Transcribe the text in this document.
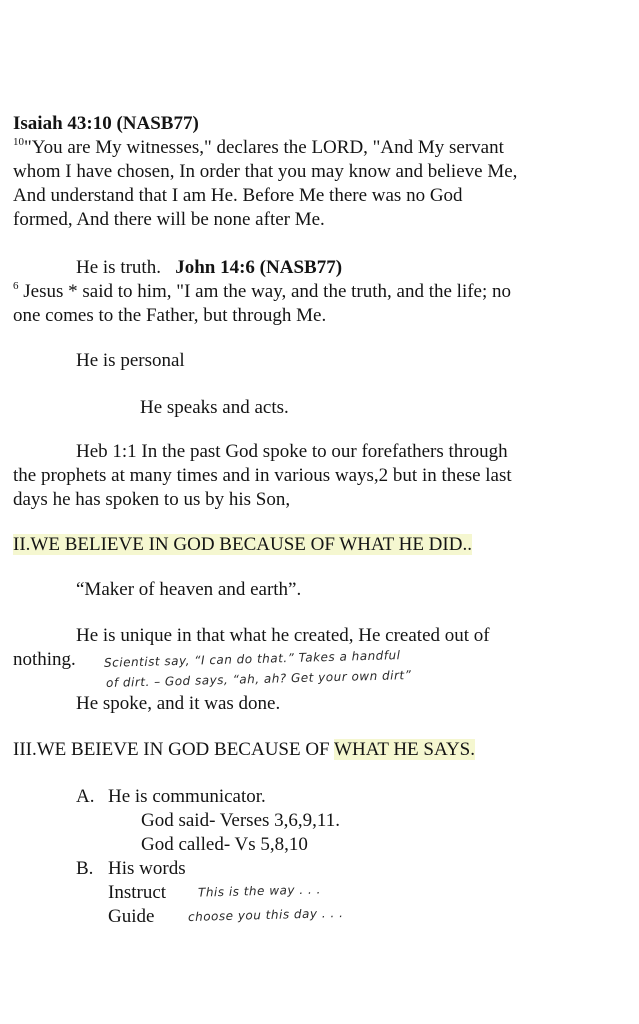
Isaiah 43:10 (NASB77)
$^{10}$"You are My witnesses," declares the LORD, "And My servant
whom I have chosen, In order that you may know and believe Me,
And understand that I am He. Before Me there was no God
formed, And there will be none after Me.
He is truth. John 14:6 (NASB77)
$^6$ Jesus * said to him, "I am the way, and the truth, and the life; no
one comes to the Father, but through Me.
He is personal
He speaks and acts.
Heb 1:1 In the past God spoke to our forefathers through
the prophets at many times and in various ways,2 but in these last
days he has spoken to us by his Son,
II.WE BELIEVE IN GOD BECAUSE OF WHAT HE DID..
“Maker of heaven and earth”.
He is unique in that what he created, He created out of
nothing. Scientist say, “I can do that.” Takes a handful
of dirt. – God says, “ah, ah? Get your own dirt”
He spoke, and it was done.
III.WE BEIEVE IN GOD BECAUSE OF WHAT HE SAYS.
A. He is communicator.
God said- Verses 3,6,9,11.
God called- Vs 5,8,10
B. His words
Instruct	This is the way . . .
Guide	choose you this day . . .
